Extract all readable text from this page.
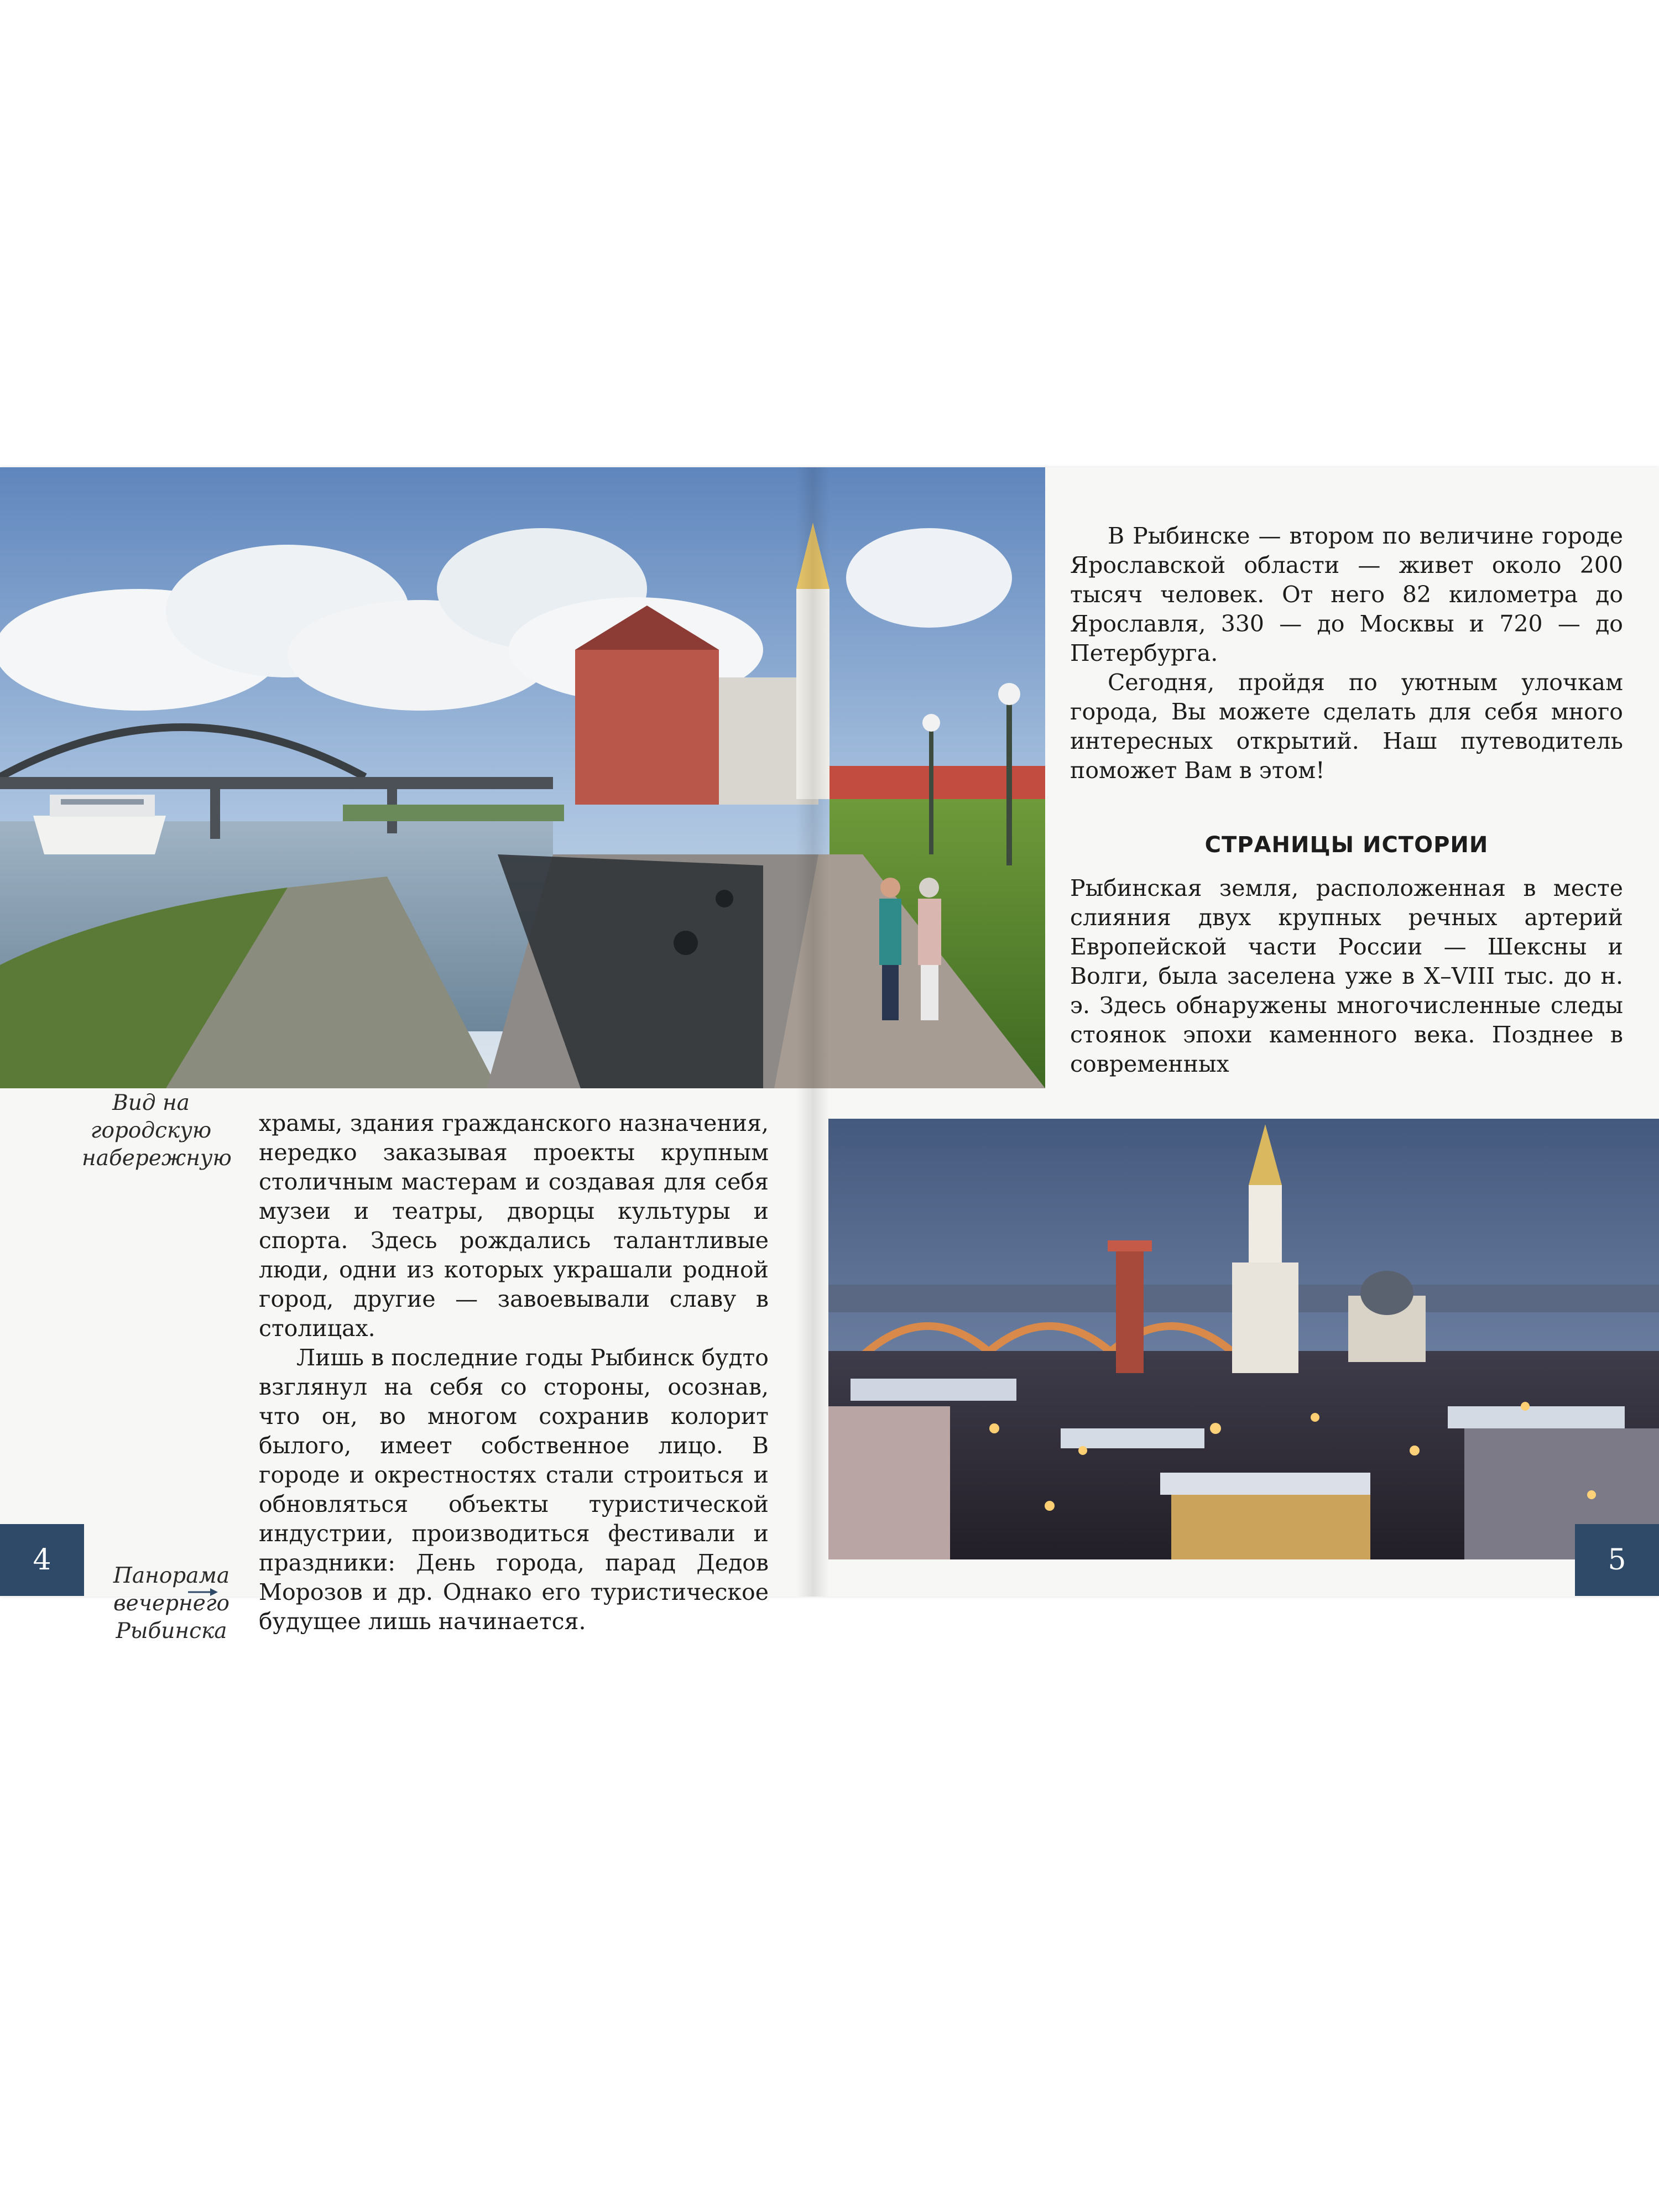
В Рыбинске — втором по величине городе Ярославской области — живет около 200 тысяч человек. От него 82 километра до Ярославля, 330 — до Москвы и 720 — до Петербурга.

Сегодня, пройдя по уютным улочкам города, Вы можете сделать для себя много интересных открытий. Наш путеводитель поможет Вам в этом!

СТРАНИЦЫ ИСТОРИИ

Рыбинская земля, расположенная в месте слияния двух крупных речных артерий Европейской части России — Шексны и Волги, была заселена уже в X–VIII тыс. до н. э. Здесь обнаружены многочисленные следы стоянок эпохи каменного века. Позднее в современных

Вид на
городскую
набережную

храмы, здания гражданского назначения, нередко заказывая проекты крупным столичным мастерам и создавая для себя музеи и театры, дворцы культуры и спорта. Здесь рождались талантливые люди, одни из которых украшали родной город, другие — завоевывали славу в столицах.

Лишь в последние годы Рыбинск будто взглянул на себя со стороны, осознав, что он, во многом сохранив колорит былого, имеет собственное лицо. В городе и окрестностях стали строиться и обновляться объекты туристической индустрии, производиться фестивали и праздники: День города, парад Дедов Морозов и др. Однако его туристическое будущее лишь начинается.

Панорама
вечернего
Рыбинска
4	5
